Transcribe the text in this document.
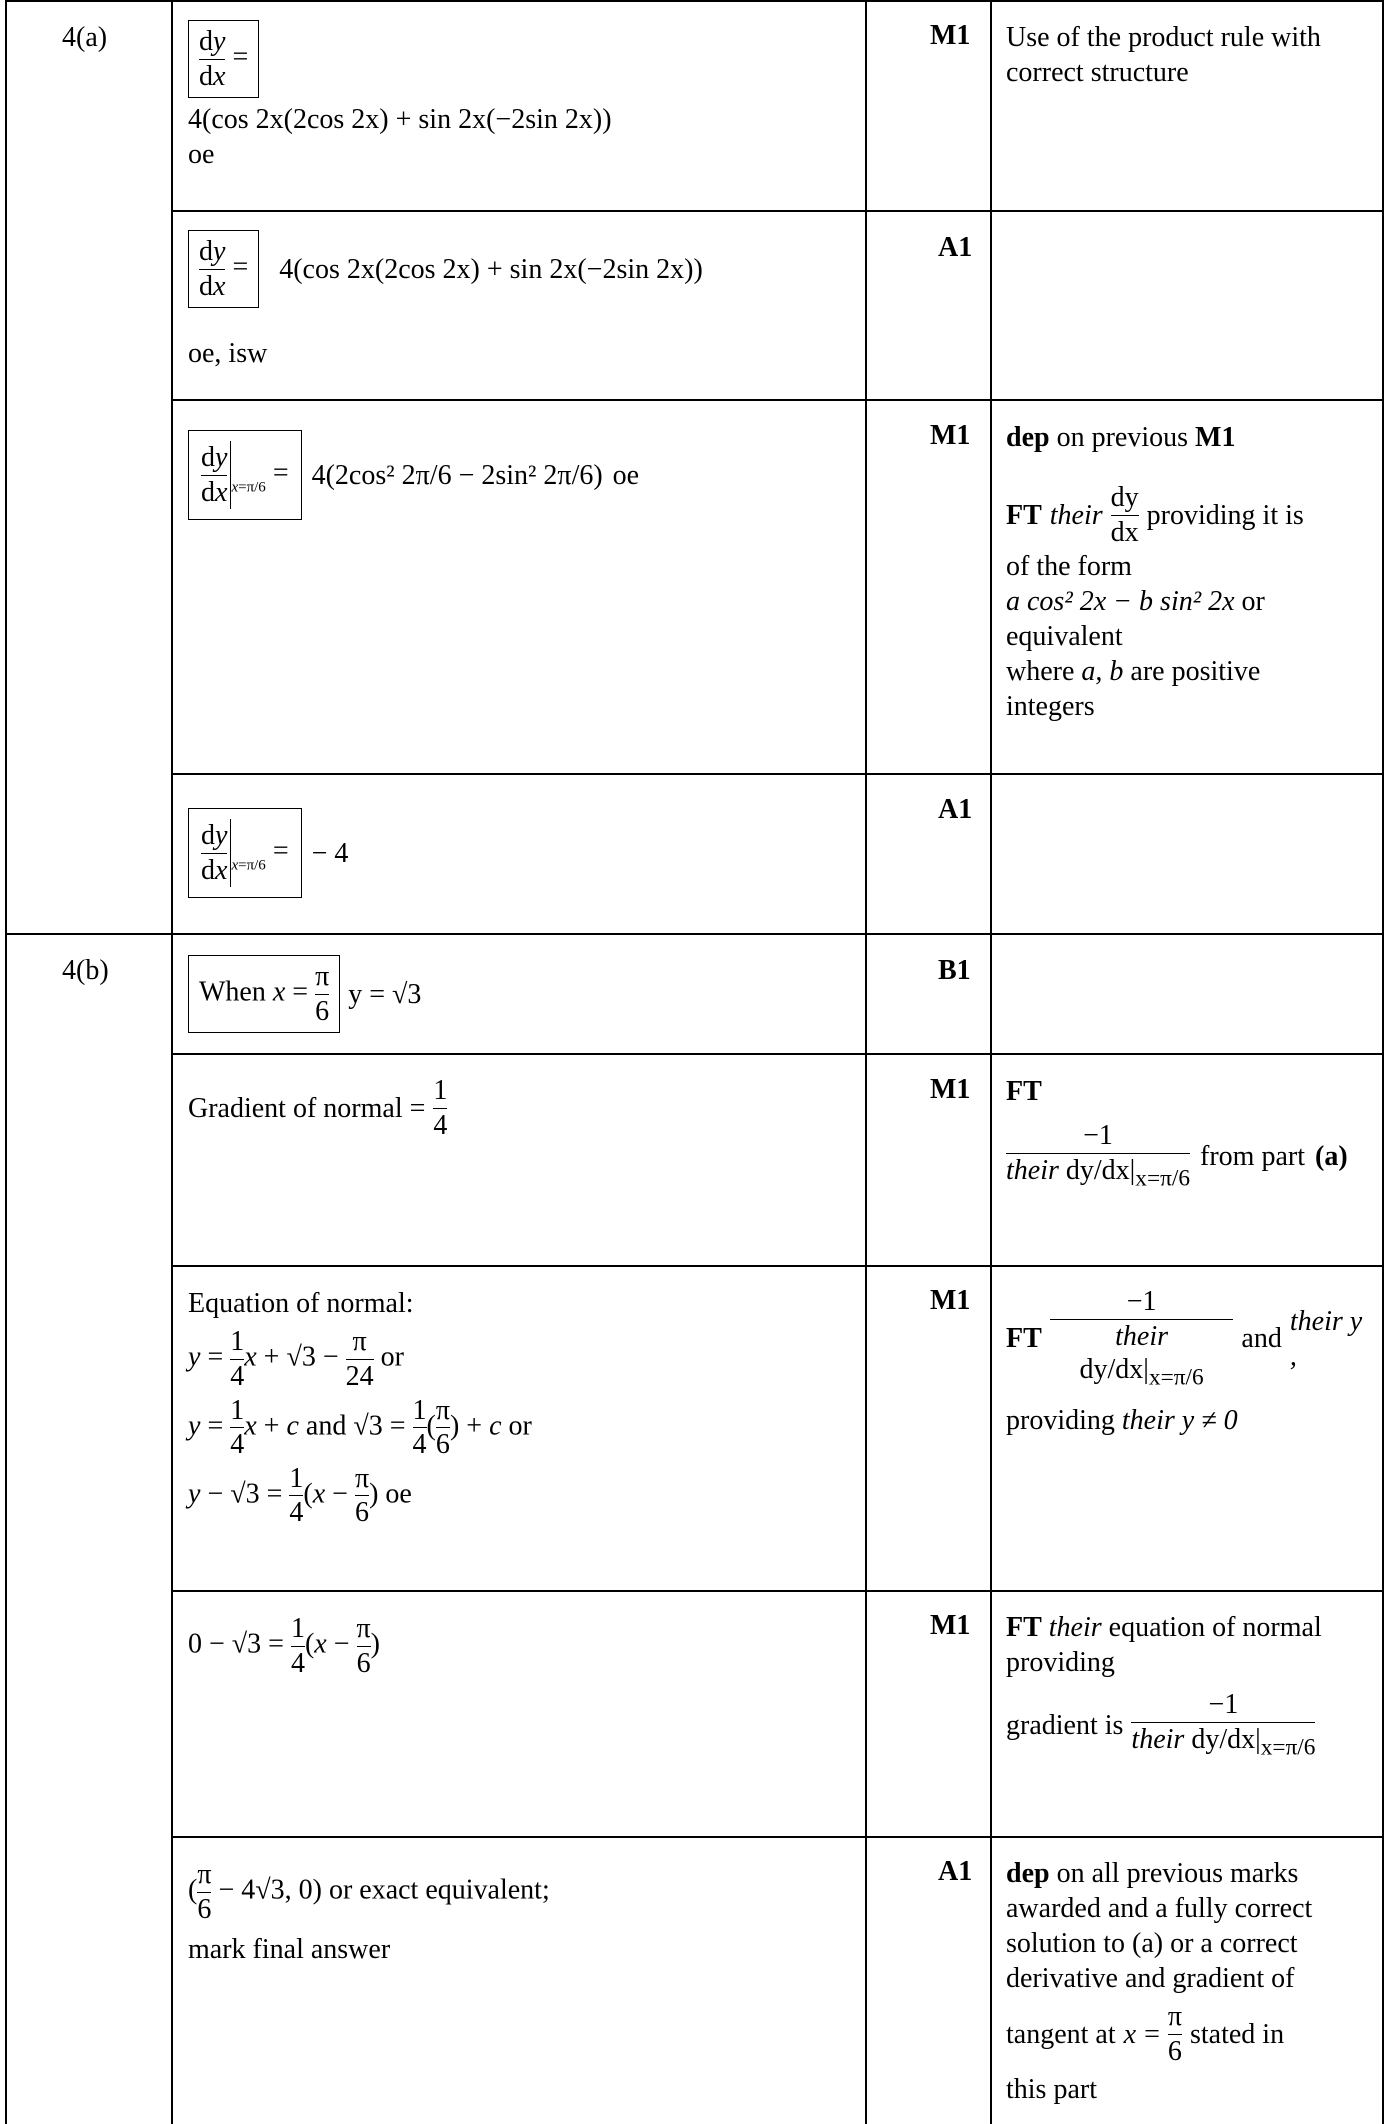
4(a)
4(b)
M1
A1
M1
A1
B1
M1
M1
M1
A1
$\frac{dy}{dx}$ =
4(cos 2x(2cos 2x) + sin 2x(−2sin 2x))
oe
Use of the product rule with correct structure
$\frac{dy}{dx}$ =	4(cos 2x(2cos 2x) + sin 2x(−2sin 2x))
oe, isw
$\frac{dy}{dx} _{x=\pi/6} = 4(2\cos^2$ 2π/6 − 2sin² 2π/6) oe
dep on previous M1
FT their
dy
dx
providing it is
of the form
a cos² 2x − b sin² 2x or
equivalent
where a, b are positive
integers
$\frac{dy}{dx} _{x=\pi/6}$ = − 4
When $x = \frac{\pi}{6}$ y = √3
Gradient of normal = $\frac{1}{4}$	FT
−1
their $dy/dx|_{x=\pi/6}$
from part (a)
Equation of normal:
$y = \frac{1}{4}$ $x + √3 - \frac{\pi}{24}$ or
$y = \frac{1}{4}$ x + c and $√3 = \frac{1}{4}$ ( $\frac{\pi}{6}$ ) + c or
$y - √3 = \frac{1}{4} (x - \frac{\pi}{6}$ ) oe
FT
−1
their $dy/dx|_{x=\pi/6}$
and
their y ,
providing their y ≠ 0
$0 - √3 = \frac{1}{4} (x - \frac{\pi}{6}$ )
FT their equation of normal providing
gradient is
−1
their $dy/dx|_{x=\pi/6}$
( $\frac{\pi}{6} - 4√3$, 0) or exact equivalent;
mark final answer
dep on all previous marks awarded and a fully correct solution to (a) or a correct derivative and gradient of
tangent at x =
π
6
stated in
this part
